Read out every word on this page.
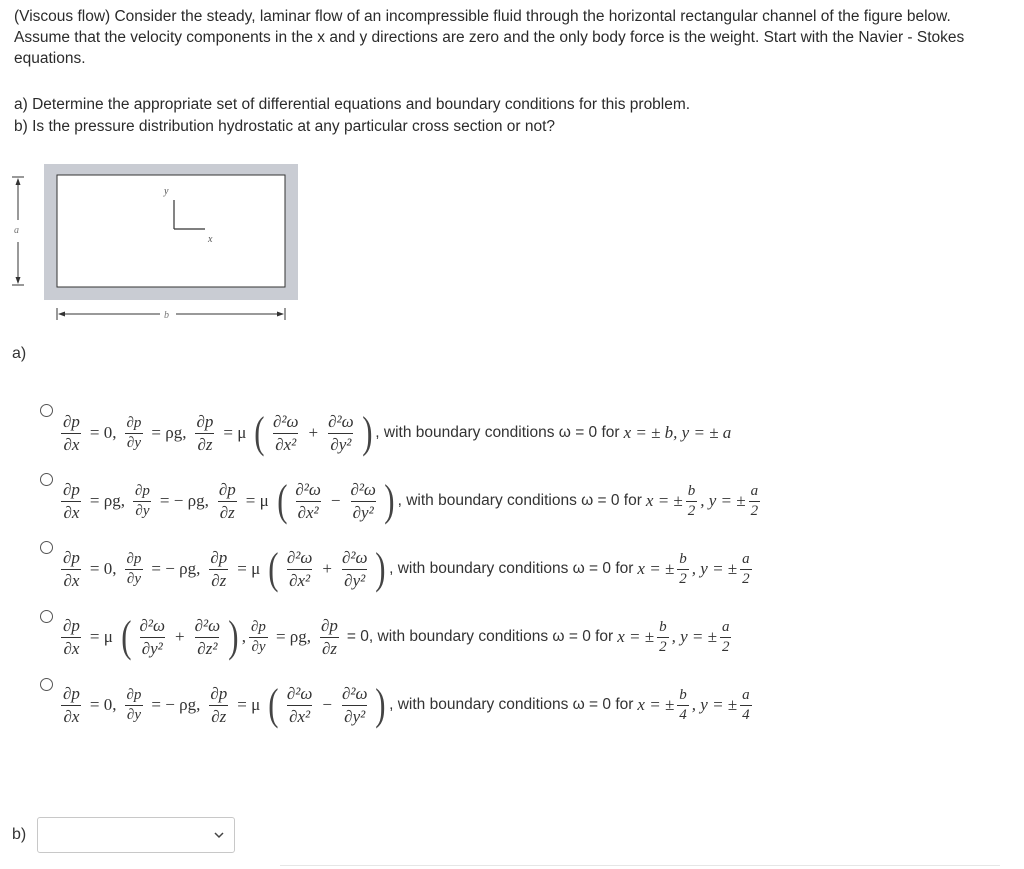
(Viscous flow) Consider the steady, laminar flow of an incompressible fluid through the horizontal rectangular channel of the figure below. Assume that the velocity components in the x and y directions are zero and the only body force is the weight. Start with the Navier - Stokes equations.
a) Determine the appropriate set of differential equations and boundary conditions for this problem.
b) Is the pressure distribution hydrostatic at any particular cross section or not?
y
x
a
b
a)
$\frac{\partial p}{\partial x} = 0$, $\frac{\partial p}{\partial y} = \rho g$, $\frac{\partial p}{\partial z} = \mu$ ( $\frac{\text{∂²ω}}{\text{∂x²}} + \frac{\text{∂²ω}}{\text{∂y²}}$ ) , with boundary conditions ω = 0 for x = ± b, y = ± a
$\frac{\partial p}{\partial x} = \rho g$, $\frac{\partial p}{\partial y}$ = − ρg, $\frac{\partial p}{\partial z} = \mu$ ( $\frac{\text{∂²ω}}{\text{∂x²}} - \frac{\text{∂²ω}}{\text{∂y²}}$ ) , with boundary conditions ω = 0 for x = ± $\frac{b}{2}$ , y = ± $\frac{a}{2}$
$\frac{\partial p}{\partial x} = 0$, $\frac{\partial p}{\partial y}$ = − ρg, $\frac{\partial p}{\partial z} = \mu$ ( $\frac{\text{∂²ω}}{\text{∂x²}} + \frac{\text{∂²ω}}{\text{∂y²}}$ ) , with boundary conditions ω = 0 for x = ± $\frac{b}{2}$ , y = ± $\frac{a}{2}$
$\frac{\partial p}{\partial x} = \mu$ ( $\frac{\text{∂²ω}}{\text{∂y²}} + \frac{\text{∂²ω}}{\text{∂z²}}$ ) , $\frac{\partial p}{\partial y} = \rho g$, $\frac{\partial p}{\partial z} = 0$, with boundary conditions ω = 0 for x = ± $\frac{b}{2}$ , y = ± $\frac{a}{2}$
$\frac{\partial p}{\partial x} = 0$, $\frac{\partial p}{\partial y}$ = − ρg, $\frac{\partial p}{\partial z} = \mu$ ( $\frac{\text{∂²ω}}{\text{∂x²}} - \frac{\text{∂²ω}}{\text{∂y²}}$ ) , with boundary conditions ω = 0 for x = ± $\frac{b}{4}$ , y = ± $\frac{a}{4}$
b)
